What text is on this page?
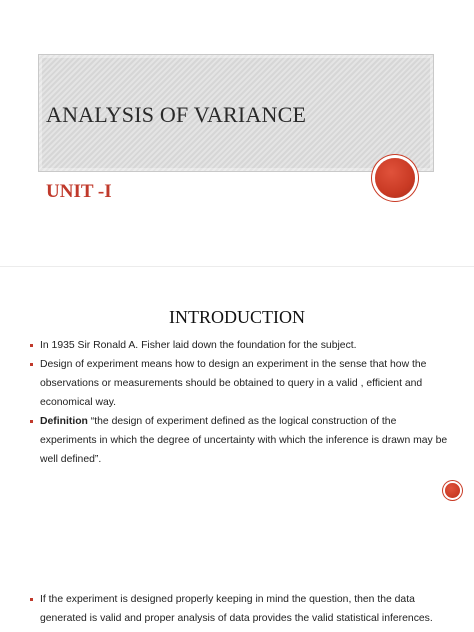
ANALYSIS OF VARIANCE
UNIT -I
INTRODUCTION
In 1935 Sir Ronald A. Fisher laid down the foundation for the subject.
Design of experiment means how to design an experiment in the sense that how the observations or measurements should be obtained to query in a valid , efficient and economical way.
Definition “the design of experiment defined as the logical construction of the experiments in which the degree of uncertainty with which the inference is drawn may be well defined”.
If the experiment is designed properly keeping in mind the question, then the data generated is valid and proper analysis of data provides the valid statistical inferences.
